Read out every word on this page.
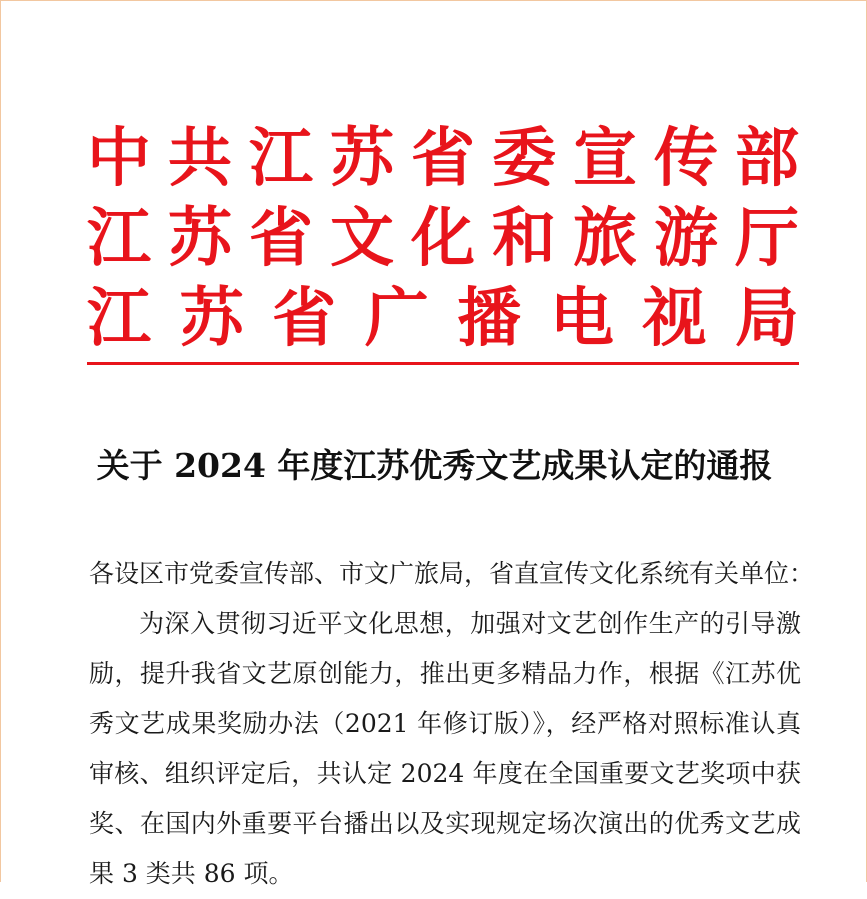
中 共 江 苏 省 委 宣 传 部
江 苏 省 文 化 和 旅 游 厅
江 苏 省 广 播 电 视 局
关于 2024 年度江苏优秀文艺成果认定的通报

各设区市党委宣传部、市文广旅局，省直宣传文化系统有关单位：

为深入贯彻习近平文化思想，加强对文艺创作生产的引导激励，提升我省文艺原创能力，推出更多精品力作，根据《江苏优秀文艺成果奖励办法（2021 年修订版）》，经严格对照标准认真审核、组织评定后，共认定 2024 年度在全国重要文艺奖项中获奖、在国内外重要平台播出以及实现规定场次演出的优秀文艺成果 3 类共 86 项。
